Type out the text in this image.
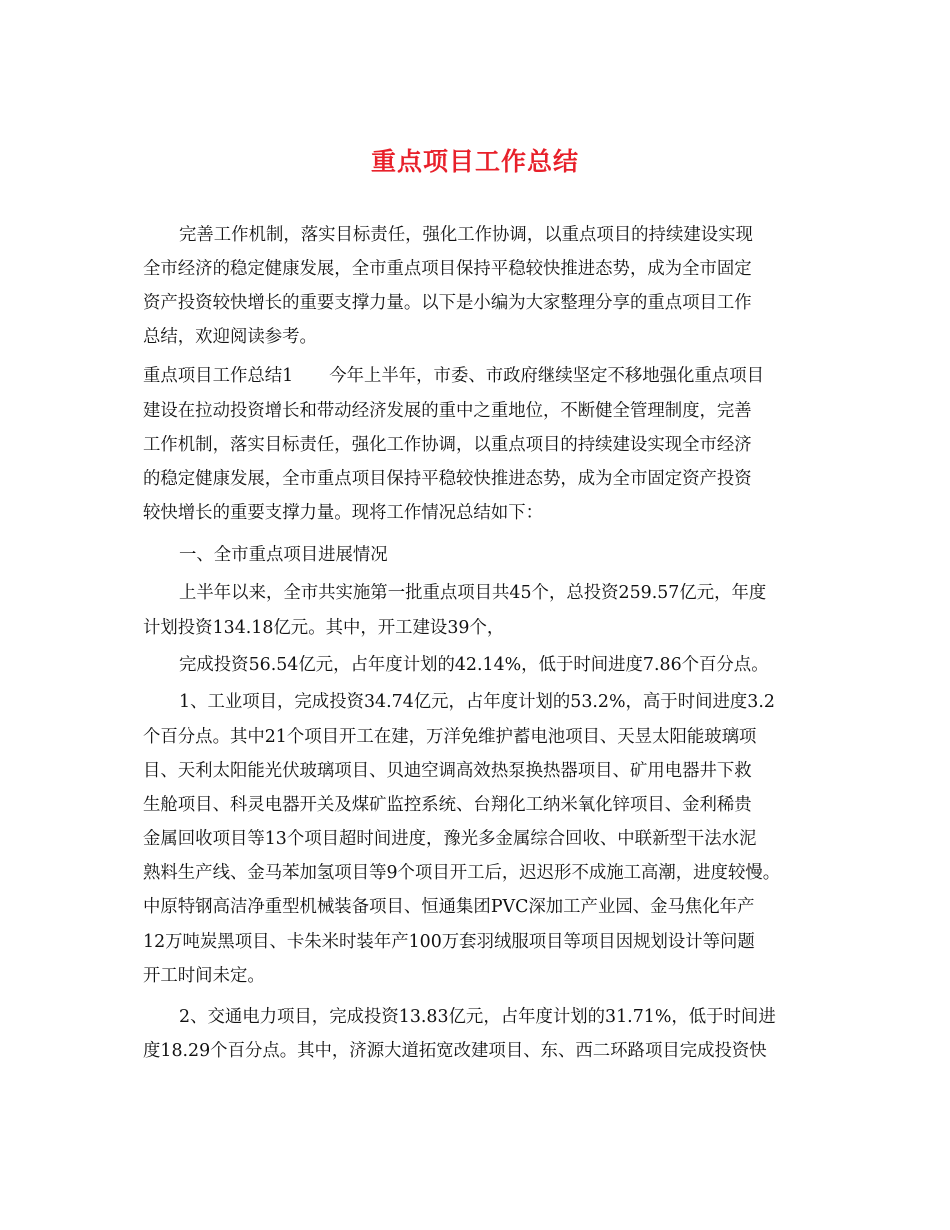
重点项目工作总结
完善工作机制，落实目标责任，强化工作协调，以重点项目的持续建设实现
全市经济的稳定健康发展，全市重点项目保持平稳较快推进态势，成为全市固定
资产投资较快增长的重要支撑力量。以下是小编为大家整理分享的重点项目工作
总结，欢迎阅读参考。
重点项目工作总结1 今年上半年，市委、市政府继续坚定不移地强化重点项目
建设在拉动投资增长和带动经济发展的重中之重地位，不断健全管理制度，完善
工作机制，落实目标责任，强化工作协调，以重点项目的持续建设实现全市经济
的稳定健康发展，全市重点项目保持平稳较快推进态势，成为全市固定资产投资
较快增长的重要支撑力量。现将工作情况总结如下：
一、全市重点项目进展情况
上半年以来，全市共实施第一批重点项目共45个，总投资259.57亿元，年度
计划投资134.18亿元。其中，开工建设39个，
完成投资56.54亿元，占年度计划的42.14%，低于时间进度7.86个百分点。
1、工业项目，完成投资34.74亿元，占年度计划的53.2%，高于时间进度3.2
个百分点。其中21个项目开工在建，万洋免维护蓄电池项目、天昱太阳能玻璃项
目、天利太阳能光伏玻璃项目、贝迪空调高效热泵换热器项目、矿用电器井下救
生舱项目、科灵电器开关及煤矿监控系统、台翔化工纳米氧化锌项目、金利稀贵
金属回收项目等13个项目超时间进度，豫光多金属综合回收、中联新型干法水泥
熟料生产线、金马苯加氢项目等9个项目开工后，迟迟形不成施工高潮，进度较慢。
中原特钢高洁净重型机械装备项目、恒通集团PVC深加工产业园、金马焦化年产
12万吨炭黑项目、卡朱米时装年产100万套羽绒服项目等项目因规划设计等问题
开工时间未定。
2、交通电力项目，完成投资13.83亿元，占年度计划的31.71%，低于时间进
度18.29个百分点。其中，济源大道拓宽改建项目、东、西二环路项目完成投资快
